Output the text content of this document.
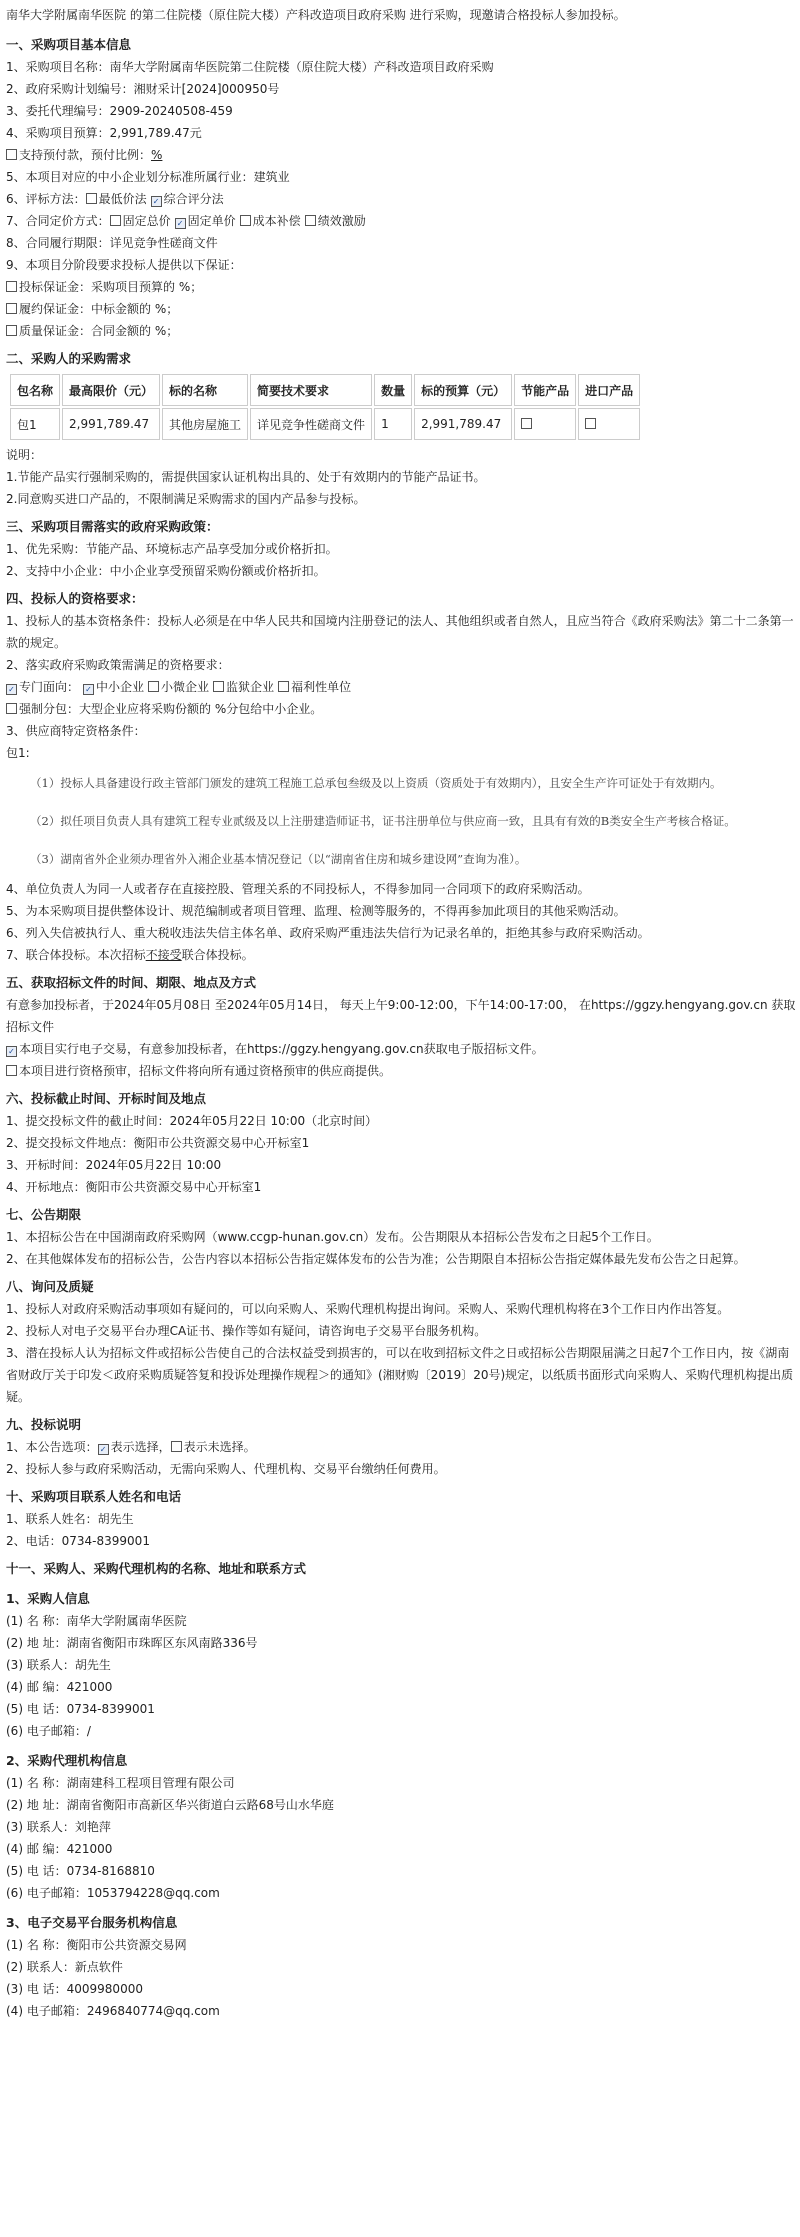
南华大学附属南华医院 的第二住院楼（原住院大楼）产科改造项目政府采购 进行采购，现邀请合格投标人参加投标。
一、采购项目基本信息
1、采购项目名称：南华大学附属南华医院第二住院楼（原住院大楼）产科改造项目政府采购
2、政府采购计划编号：湘财采计[2024]000950号
3、委托代理编号：2909-20240508-459
4、采购项目预算：2,991,789.47元
支持预付款，预付比例：%
5、本项目对应的中小企业划分标准所属行业：建筑业
6、评标方法： 最低价法 ✓ 综合评分法
7、合同定价方式： 固定总价 ✓ 固定单价 成本补偿 绩效激励
8、合同履行期限：详见竞争性磋商文件
9、本项目分阶段要求投标人提供以下保证：
投标保证金：采购项目预算的 %；
履约保证金：中标金额的 %；
质量保证金：合同金额的 %；
二、采购人的采购需求
包名称	最高限价（元）	标的名称	简要技术要求	数量	标的预算（元）	节能产品	进口产品
包1	2,991,789.47	其他房屋施工	详见竞争性磋商文件	1	2,991,789.47		
说明：
1.节能产品实行强制采购的，需提供国家认证机构出具的、处于有效期内的节能产品证书。
2.同意购买进口产品的，不限制满足采购需求的国内产品参与投标。
三、采购项目需落实的政府采购政策：
1、优先采购：节能产品、环境标志产品享受加分或价格折扣。
2、支持中小企业：中小企业享受预留采购份额或价格折扣。
四、投标人的资格要求：
1、投标人的基本资格条件：投标人必须是在中华人民共和国境内注册登记的法人、其他组织或者自然人，且应当符合《政府采购法》第二十二条第一款的规定。
2、落实政府采购政策需满足的资格要求：
✓专门面向： ✓ 中小企业 小微企业 监狱企业 福利性单位
强制分包：大型企业应将采购份额的 %分包给中小企业。
3、供应商特定资格条件：
包1:
（1）投标人具备建设行政主管部门颁发的建筑工程施工总承包叁级及以上资质（资质处于有效期内），且安全生产许可证处于有效期内。
（2）拟任项目负责人具有建筑工程专业贰级及以上注册建造师证书，证书注册单位与供应商一致，且具有有效的B类安全生产考核合格证。
（3）湖南省外企业须办理省外入湘企业基本情况登记（以“湖南省住房和城乡建设网”查询为准）。
4、单位负责人为同一人或者存在直接控股、管理关系的不同投标人，不得参加同一合同项下的政府采购活动。
5、为本采购项目提供整体设计、规范编制或者项目管理、监理、检测等服务的，不得再参加此项目的其他采购活动。
6、列入失信被执行人、重大税收违法失信主体名单、政府采购严重违法失信行为记录名单的，拒绝其参与政府采购活动。
7、联合体投标。本次招标不接受联合体投标。
五、获取招标文件的时间、期限、地点及方式
有意参加投标者，于2024年05月08日 至2024年05月14日， 每天上午9:00-12:00，下午14:00-17:00， 在https://ggzy.hengyang.gov.cn 获取招标文件
✓本项目实行电子交易，有意参加投标者，在https://ggzy.hengyang.gov.cn获取电子版招标文件。
本项目进行资格预审，招标文件将向所有通过资格预审的供应商提供。
六、投标截止时间、开标时间及地点
1、提交投标文件的截止时间：2024年05月22日 10:00（北京时间）
2、提交投标文件地点：衡阳市公共资源交易中心开标室1
3、开标时间：2024年05月22日 10:00
4、开标地点：衡阳市公共资源交易中心开标室1
七、公告期限
1、本招标公告在中国湖南政府采购网（www.ccgp-hunan.gov.cn）发布。公告期限从本招标公告发布之日起5个工作日。
2、在其他媒体发布的招标公告，公告内容以本招标公告指定媒体发布的公告为准；公告期限自本招标公告指定媒体最先发布公告之日起算。
八、询问及质疑
1、投标人对政府采购活动事项如有疑问的，可以向采购人、采购代理机构提出询问。采购人、采购代理机构将在3个工作日内作出答复。
2、投标人对电子交易平台办理CA证书、操作等如有疑问，请咨询电子交易平台服务机构。
3、潜在投标人认为招标文件或招标公告使自己的合法权益受到损害的，可以在收到招标文件之日或招标公告期限届满之日起7个工作日内，按《湖南省财政厅关于印发＜政府采购质疑答复和投诉处理操作规程＞的通知》(湘财购〔2019〕20号)规定，以纸质书面形式向采购人、采购代理机构提出质疑。
九、投标说明
1、本公告选项： ✓ 表示选择， 表示未选择。
2、投标人参与政府采购活动，无需向采购人、代理机构、交易平台缴纳任何费用。
十、采购项目联系人姓名和电话
1、联系人姓名：胡先生
2、电话：0734-8399001
十一、采购人、采购代理机构的名称、地址和联系方式
1、采购人信息
(1) 名 称：南华大学附属南华医院
(2) 地 址：湖南省衡阳市珠晖区东风南路336号
(3) 联系人：胡先生
(4) 邮 编：421000
(5) 电 话：0734-8399001
(6) 电子邮箱：/
2、采购代理机构信息
(1) 名 称：湖南建科工程项目管理有限公司
(2) 地 址：湖南省衡阳市高新区华兴街道白云路68号山水华庭
(3) 联系人：刘艳萍
(4) 邮 编：421000
(5) 电 话：0734-8168810
(6) 电子邮箱：1053794228@qq.com
3、电子交易平台服务机构信息
(1) 名 称：衡阳市公共资源交易网
(2) 联系人：新点软件
(3) 电 话：4009980000
(4) 电子邮箱：2496840774@qq.com
